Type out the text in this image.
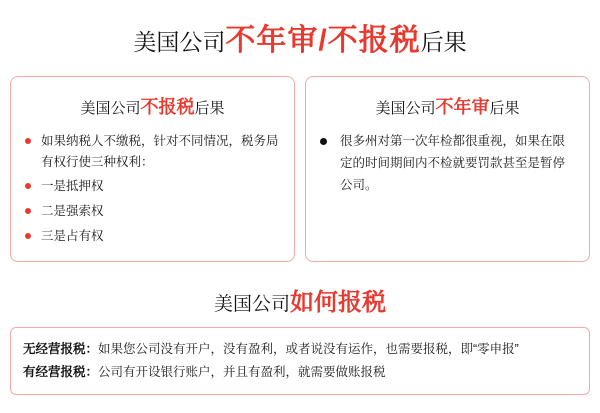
美国公司不年审/不报税后果
美国公司不报税后果
如果纳税人不缴税，针对不同情况，税务局有权行使三种权利：
一是抵押权
二是强索权
三是占有权
美国公司不年审后果
很多州对第一次年检都很重视，如果在限定的时间期间内不检就要罚款甚至是暂停公司。
美国公司如何报税
无经营报税：如果您公司没有开户，没有盈利，或者说没有运作，也需要报税，即“零申报”
有经营报税：公司有开设银行账户，并且有盈利，就需要做账报税
